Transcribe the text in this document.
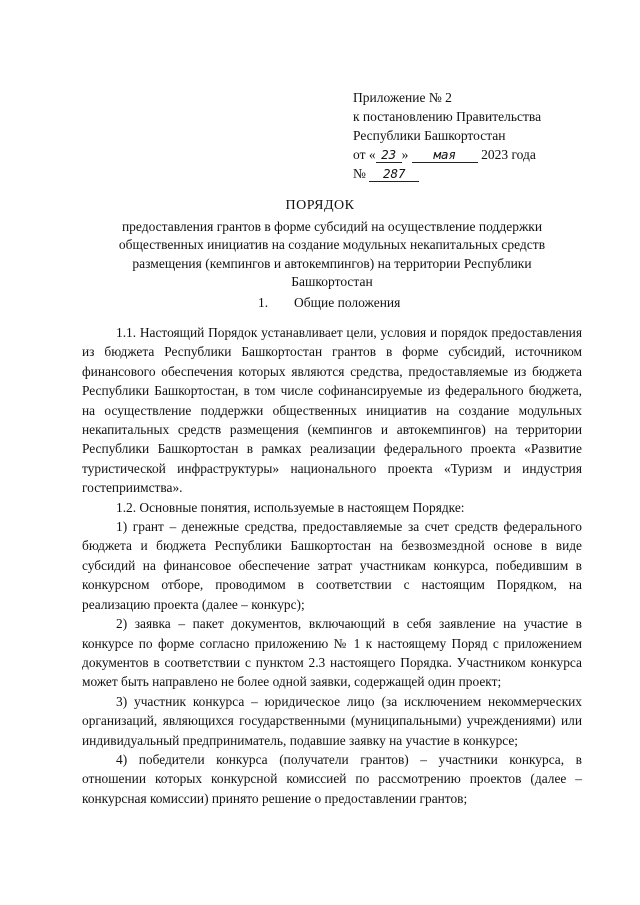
Приложение № 2
к постановлению Правительства
Республики Башкортостан
от « 23 » мая 2023 года
№ 287
ПОРЯДОК
предоставления грантов в форме субсидий на осуществление поддержки общественных инициатив на создание модульных некапитальных средств размещения (кемпингов и автокемпингов) на территории Республики Башкортостан
1. Общие положения

1.1. Настоящий Порядок устанавливает цели, условия и порядок предоставления из бюджета Республики Башкортостан грантов в форме субсидий, источником финансового обеспечения которых являются средства, предоставляемые из бюджета Республики Башкортостан, в том числе софинансируемые из федерального бюджета, на осуществление поддержки общественных инициатив на создание модульных некапитальных средств размещения (кемпингов и автокемпингов) на территории Республики Башкортостан в рамках реализации федерального проекта «Развитие туристической инфраструктуры» национального проекта «Туризм и индустрия гостеприимства».

1.2. Основные понятия, используемые в настоящем Порядке:

1) грант – денежные средства, предоставляемые за счет средств федерального бюджета и бюджета Республики Башкортостан на безвозмездной основе в виде субсидий на финансовое обеспечение затрат участникам конкурса, победившим в конкурсном отборе, проводимом в соответствии с настоящим Порядком, на реализацию проекта (далее – конкурс);

2) заявка – пакет документов, включающий в себя заявление на участие в конкурсе по форме согласно приложению № 1 к настоящему Поряд с приложением документов в соответствии с пунктом 2.3 настоящего Порядка. Участником конкурса может быть направлено не более одной заявки, содержащей один проект;

3) участник конкурса – юридическое лицо (за исключением некоммерческих организаций, являющихся государственными (муниципальными) учреждениями) или индивидуальный предприниматель, подавшие заявку на участие в конкурсе;

4) победители конкурса (получатели грантов) – участники конкурса, в отношении которых конкурсной комиссией по рассмотрению проектов (далее – конкурсная комиссии) принято решение о предоставлении грантов;
